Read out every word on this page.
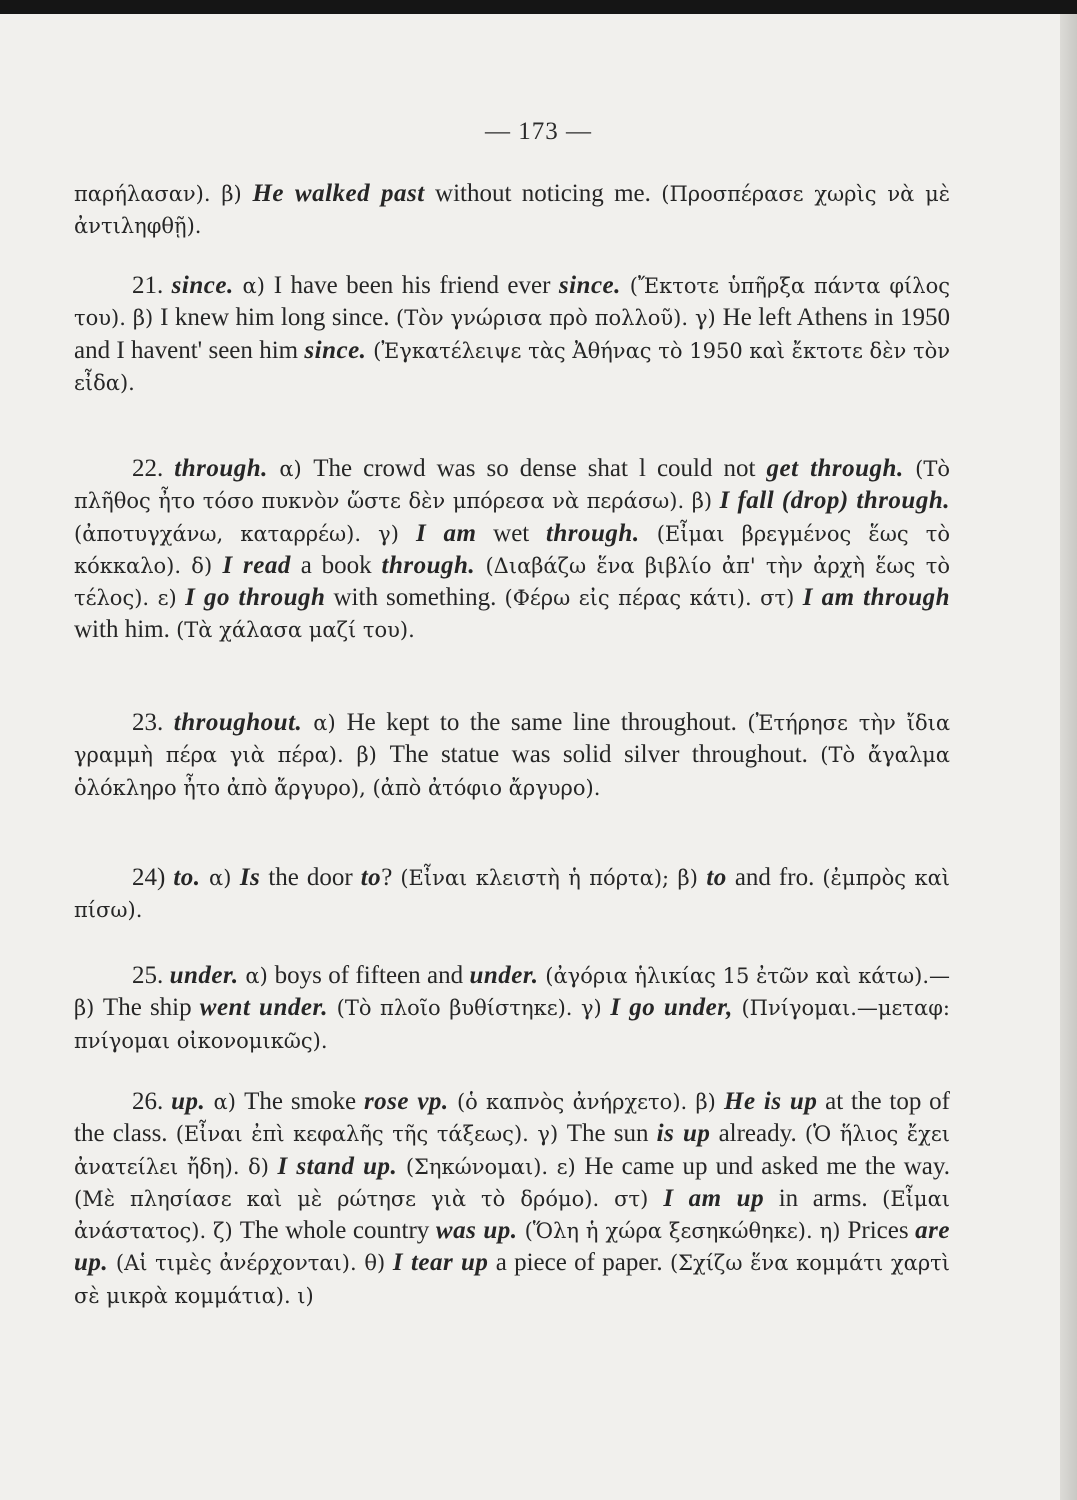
— 173 —
παρήλασαν). β) He walked past without noticing me. (Προσπέρασε χωρὶς νὰ μὲ ἀντιληφθῇ).
21. since. α) I have been his friend ever since. (Ἔκτοτε ὑπῆρξα πάντα φίλος του). β) I knew him long since. (Τὸν γνώρισα πρὸ πολλοῦ). γ) He left Athens in 1950 and I havent' seen him since. (Ἐγκατέλειψε τὰς Ἀθήνας τὸ 1950 καὶ ἔκτοτε δὲν τὸν εἶδα).
22. through. α) The crowd was so dense shat l could not get through. (Τὸ πλῆθος ἦτο τόσο πυκνὸν ὥστε δὲν μπόρεσα νὰ περάσω). β) I fall (drop) through. (ἀποτυγχάνω, καταρρέω). γ) I am wet through. (Εἶμαι βρεγμένος ἕως τὸ κόκκαλο). δ) I read a book through. (Διαβάζω ἕνα βιβλίο ἀπ' τὴν ἀρχὴ ἕως τὸ τέλος). ε) I go through with something. (Φέρω εἰς πέρας κάτι). στ) I am through with him. (Τὰ χάλασα μαζί του).
23. throughout. α) He kept to the same line throughout. (Ἐτήρησε τὴν ἴδια γραμμὴ πέρα γιὰ πέρα). β) The statue was solid silver throughout. (Τὸ ἄγαλμα ὁλόκληρο ἦτο ἀπὸ ἄργυρο), (ἀπὸ ἀτόφιο ἄργυρο).
24) to. α) Is the door to? (Εἶναι κλειστὴ ἡ πόρτα); β) to and fro. (ἐμπρὸς καὶ πίσω).
25. under. α) boys of fifteen and under. (ἀγόρια ἡλικίας 15 ἐτῶν καὶ κάτω).—β) The ship went under. (Τὸ πλοῖο βυθίστηκε). γ) I go under, (Πνίγομαι.—μεταφ: πνίγομαι οἰκονομικῶς).
26. up. α) The smoke rose vp. (ὁ καπνὸς ἀνήρχετο). β) He is up at the top of the class. (Εἶναι ἐπὶ κεφαλῆς τῆς τάξεως). γ) The sun is up already. (Ὁ ἥλιος ἔχει ἀνατείλει ἤδη). δ) I stand up. (Σηκώνομαι). ε) He came up und asked me the way. (Μὲ πλησίασε καὶ μὲ ρώτησε γιὰ τὸ δρόμο). στ) I am up in arms. (Εἶμαι ἀνάστατος). ζ) The whole country was up. (Ὅλη ἡ χώρα ξεσηκώθηκε). η) Prices are up. (Αἱ τιμὲς ἀνέρχονται). θ) I tear up a piece of paper. (Σχίζω ἕνα κομμάτι χαρτὶ σὲ μικρὰ κομμάτια). ι)
